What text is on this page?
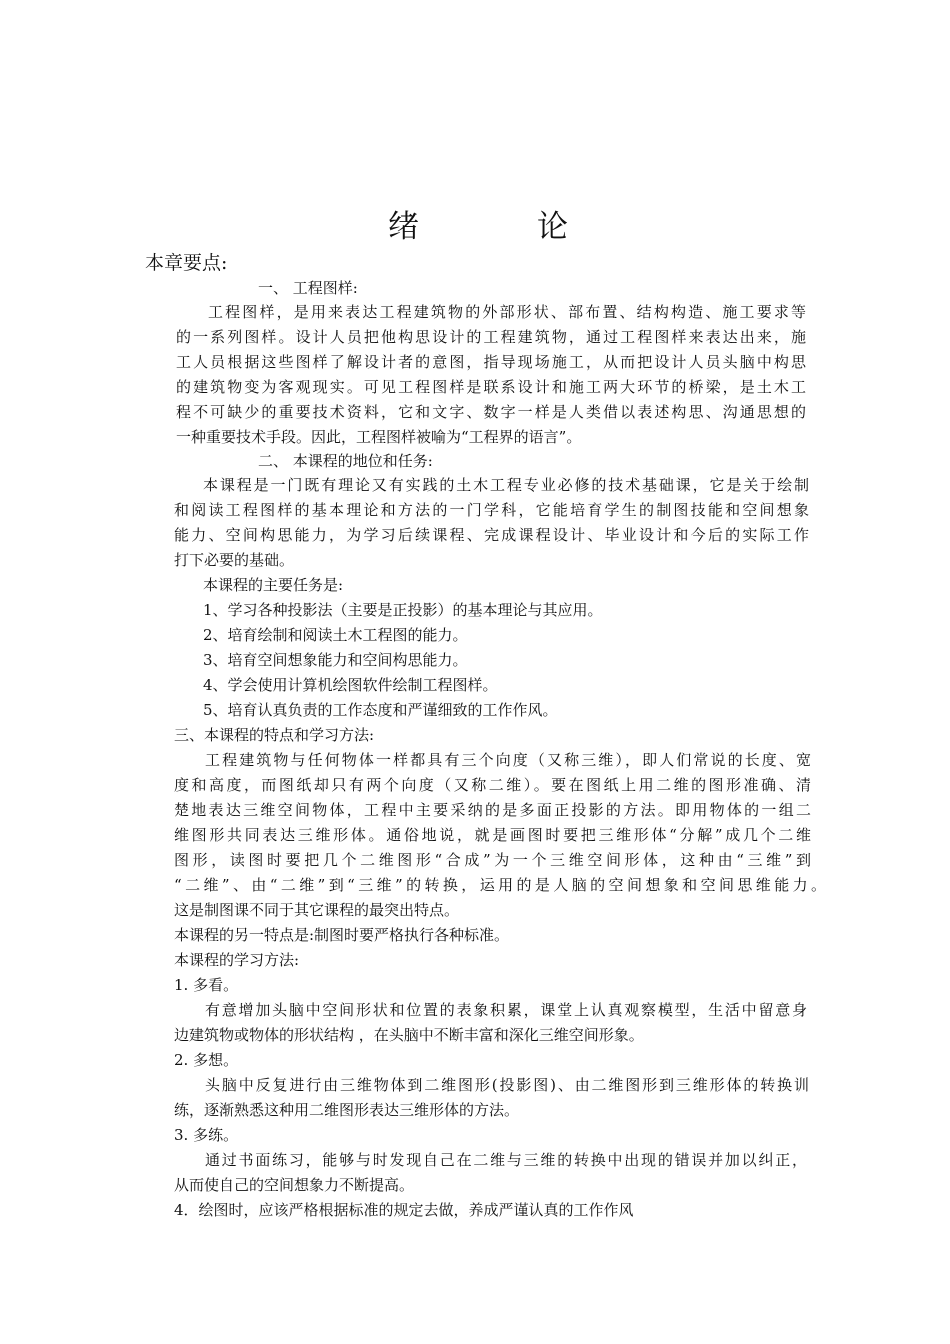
绪	论
本章要点:
一、 工程图样:
工程图样，是用来表达工程建筑物的外部形状、部布置、结构构造、施工要求等
的一系列图样。设计人员把他构思设计的工程建筑物，通过工程图样来表达出来，施
工人员根据这些图样了解设计者的意图，指导现场施工，从而把设计人员头脑中构思
的建筑物变为客观现实。可见工程图样是联系设计和施工两大环节的桥梁，是土木工
程不可缺少的重要技术资料，它和文字、数字一样是人类借以表述构思、沟通思想的
一种重要技术手段。因此，工程图样被喻为“工程界的语言”。
二、 本课程的地位和任务:
本课程是一门既有理论又有实践的土木工程专业必修的技术基础课，它是关于绘制
和阅读工程图样的基本理论和方法的一门学科，它能培育学生的制图技能和空间想象
能力、空间构思能力，为学习后续课程、完成课程设计、毕业设计和今后的实际工作
打下必要的基础。
本课程的主要任务是:
1、学习各种投影法（主要是正投影）的基本理论与其应用。
2、培育绘制和阅读土木工程图的能力。
3、培育空间想象能力和空间构思能力。
4、学会使用计算机绘图软件绘制工程图样。
5、培育认真负责的工作态度和严谨细致的工作作风。
三、本课程的特点和学习方法:
工程建筑物与任何物体一样都具有三个向度（又称三维），即人们常说的长度、宽
度和高度，而图纸却只有两个向度（又称二维）。要在图纸上用二维的图形准确、清
楚地表达三维空间物体，工程中主要采纳的是多面正投影的方法。即用物体的一组二
维图形共同表达三维形体。通俗地说，就是画图时要把三维形体“分解”成几个二维
图形，读图时要把几个二维图形“合成”为一个三维空间形体，这种由“三维”到
“二维”、由“二维”到“三维”的转换，运用的是人脑的空间想象和空间思维能力。
这是制图课不同于其它课程的最突出特点。
本课程的另一特点是:制图时要严格执行各种标准。
本课程的学习方法:
1. 多看。
有意增加头脑中空间形状和位置的表象积累，课堂上认真观察模型，生活中留意身
边建筑物或物体的形状结构 ，在头脑中不断丰富和深化三维空间形象。
2. 多想。
头脑中反复进行由三维物体到二维图形(投影图)、由二维图形到三维形体的转换训
练，逐渐熟悉这种用二维图形表达三维形体的方法。
3. 多练。
通过书面练习，能够与时发现自己在二维与三维的转换中出现的错误并加以纠正，
从而使自己的空间想象力不断提高。
4．绘图时，应该严格根据标准的规定去做，养成严谨认真的工作作风
